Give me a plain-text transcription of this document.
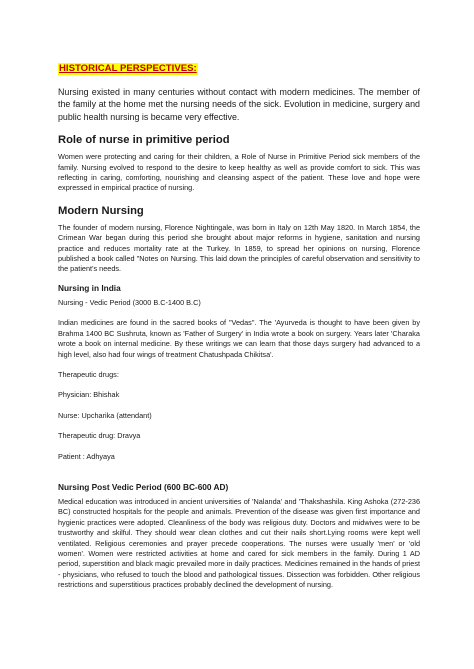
HISTORICAL PERSPECTIVES:

Nursing existed in many centuries without contact with modern medicines. The member of the family at the home met the nursing needs of the sick. Evolution in medicine, surgery and public health nursing is became very effective.

Role of nurse in primitive period

Women were protecting and caring for their children, a Role of Nurse in Primitive Period sick members of the family. Nursing evolved to respond to the desire to keep healthy as well as provide comfort to sick. This was reflecting in caring, comforting, nourishing and cleansing aspect of the patient. These love and hope were expressed in empirical practice of nursing.

Modern Nursing

The founder of modern nursing, Florence Nightingale, was born in Italy on 12th May 1820. In March 1854, the Crimean War began during this period she brought about major reforms in hygiene, sanitation and nursing practice and reduces mortality rate at the Turkey. In 1859, to spread her opinions on nursing, Florence published a book called "Notes on Nursing. This laid down the principles of careful observation and sensitivity to the patient's needs.

Nursing in India

Nursing - Vedic Period (3000 B.C-1400 B.C)

Indian medicines are found in the sacred books of "Vedas". The 'Ayurveda is thought to have been given by Brahma 1400 BC Sushruta, known as 'Father of Surgery' in India wrote a book on surgery. Years later 'Charaka wrote a book on internal medicine. By these writings we can learn that those days surgery had advanced to a high level, also had four wings of treatment Chatushpada Chikitsa'.

Therapeutic drugs:

Physician: Bhishak

Nurse: Upcharika (attendant)

Therapeutic drug: Dravya

Patient : Adhyaya

Nursing Post Vedic Period (600 BC-600 AD)

Medical education was introduced in ancient universities of 'Nalanda' and 'Thakshashila. King Ashoka (272-236 BC) constructed hospitals for the people and animals. Prevention of the disease was given first importance and hygienic practices were adopted. Cleanliness of the body was religious duty. Doctors and midwives were to be trustworthy and skilful. They should wear clean clothes and cut their nails short.Lying rooms were kept well ventilated. Religious ceremonies and prayer precede cooperations. The nurses were usually 'men' or 'old women'. Women were restricted activities at home and cared for sick members in the family. During 1 AD period, superstition and black magic prevailed more in daily practices. Medicines remained in the hands of priest - physicians, who refused to touch the blood and pathological tissues. Dissection was forbidden. Other religious restrictions and superstitious practices probably declined the development of nursing.
